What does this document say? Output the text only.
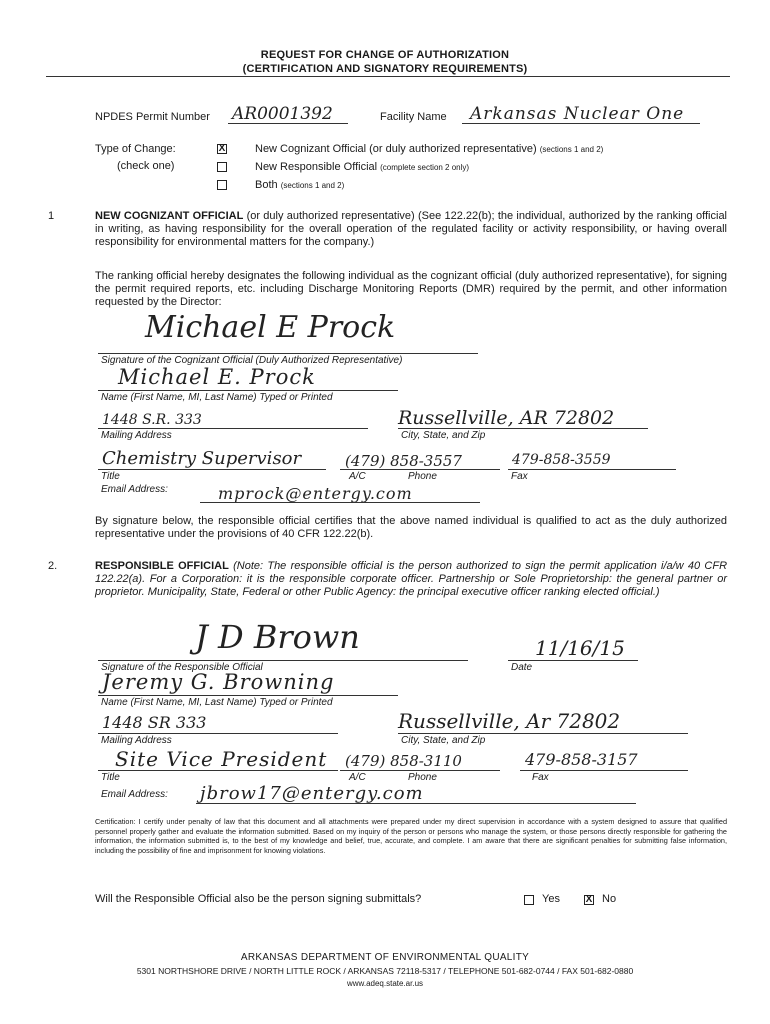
REQUEST FOR CHANGE OF AUTHORIZATION
(CERTIFICATION AND SIGNATORY REQUIREMENTS)
NPDES Permit Number AR0001392	Facility Name Arkansas Nuclear One
Type of Change:
(check one)
X	New Cognizant Official (or duly authorized representative) (sections 1 and 2)
New Responsible Official (complete section 2 only)
Both (sections 1 and 2)
1	NEW COGNIZANT OFFICIAL (or duly authorized representative) (See 122.22(b); the individual, authorized by the ranking official in writing, as having responsibility for the overall operation of the regulated facility or activity responsibility, or having overall responsibility for environmental matters for the company.)
The ranking official hereby designates the following individual as the cognizant official (duly authorized representative), for signing the permit required reports, etc. including Discharge Monitoring Reports (DMR) required by the permit, and other information requested by the Director:
Michael E Prock
Signature of the Cognizant Official (Duly Authorized Representative)
Michael E. Prock
Name (First Name, MI, Last Name) Typed or Printed
1448 S.R. 333
Mailing Address
Russellville, AR 72802
City, State, and Zip
Chemistry Supervisor
Title
(479) 858-3557
A/C	Phone
479-858-3559
Fax
Email Address:	mprock@entergy.com
By signature below, the responsible official certifies that the above named individual is qualified to act as the duly authorized representative under the provisions of 40 CFR 122.22(b).
2.	RESPONSIBLE OFFICIAL (Note: The responsible official is the person authorized to sign the permit application i/a/w 40 CFR 122.22(a). For a Corporation: it is the responsible corporate officer. Partnership or Sole Proprietorship: the general partner or proprietor. Municipality, State, Federal or other Public Agency: the principal executive officer ranking elected official.)
J D Brown
Signature of the Responsible Official
11/16/15
Date
Jeremy G. Browning
Name (First Name, MI, Last Name) Typed or Printed
1448 SR 333
Mailing Address
Russellville, Ar 72802
City, State, and Zip
Site Vice President
Title
(479) 858-3110
A/C	Phone
479-858-3157
Fax
Email Address: jbrow17@entergy.com
Certification: I certify under penalty of law that this document and all attachments were prepared under my direct supervision in accordance with a system designed to assure that qualified personnel properly gather and evaluate the information submitted. Based on my inquiry of the person or persons who manage the system, or those persons directly responsible for gathering the information, the information submitted is, to the best of my knowledge and belief, true, accurate, and complete. I am aware that there are significant penalties for submitting false information, including the possibility of fine and imprisonment for knowing violations.
Will the Responsible Official also be the person signing submittals?	Yes	X No
ARKANSAS DEPARTMENT OF ENVIRONMENTAL QUALITY
5301 NORTHSHORE DRIVE / NORTH LITTLE ROCK / ARKANSAS 72118-5317 / TELEPHONE 501-682-0744 / FAX 501-682-0880
www.adeq.state.ar.us
